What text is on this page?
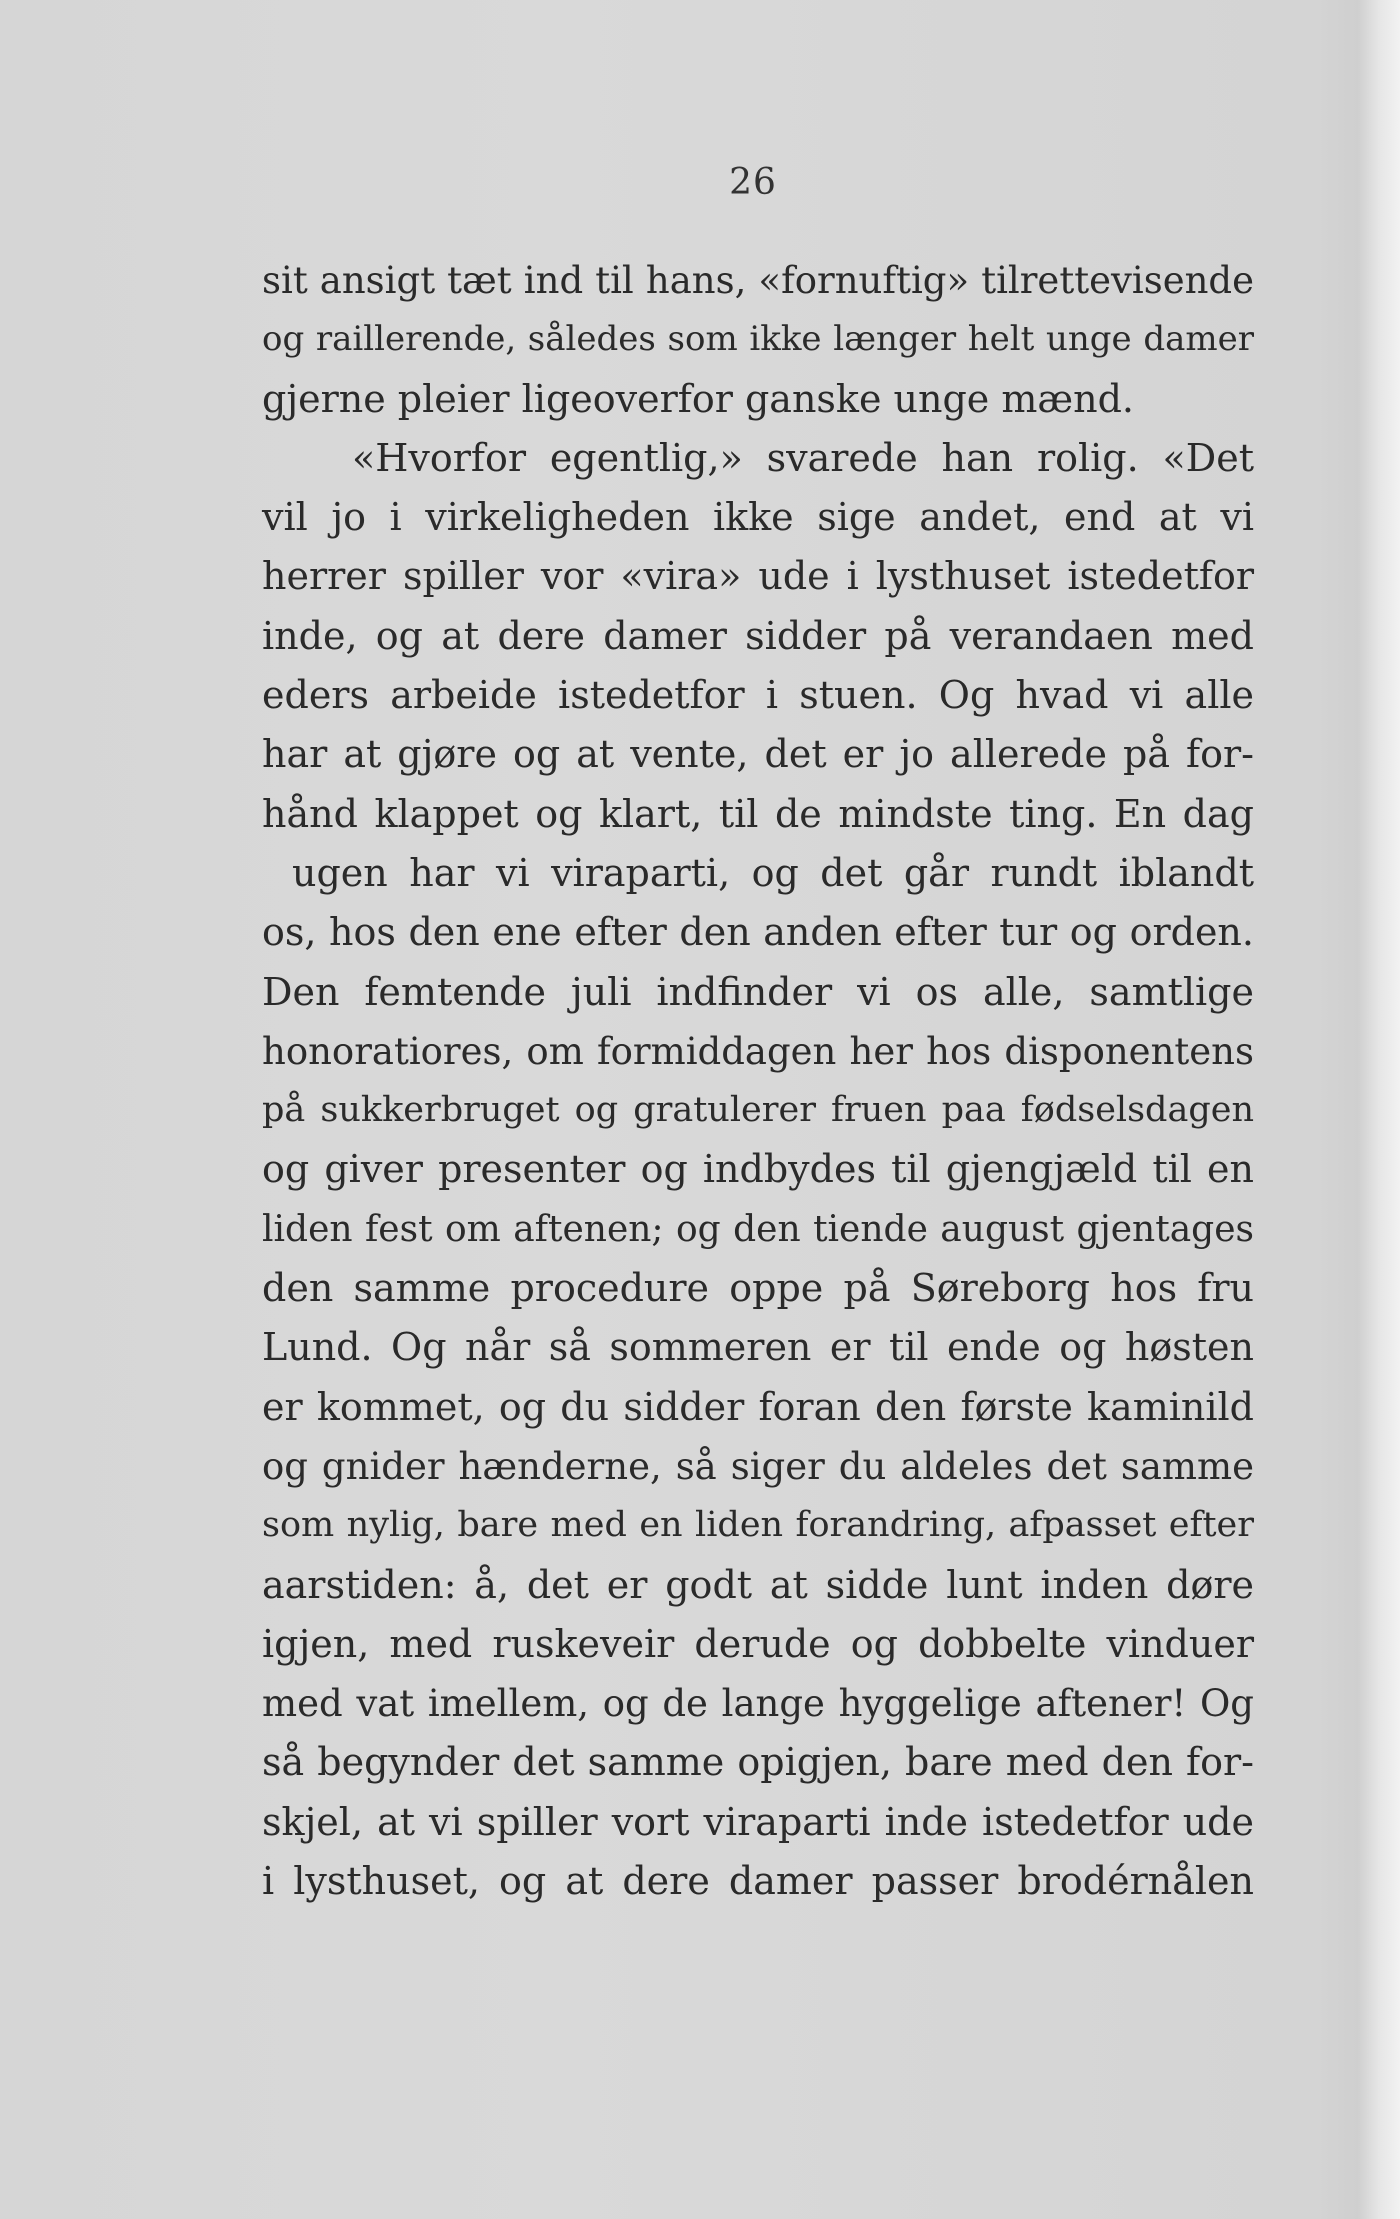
26
sit ansigt tæt ind til hans, «fornuftig» tilrettevisende
og raillerende, således som ikke længer helt unge damer
gjerne pleier ligeoverfor ganske unge mænd.
«Hvorfor egentlig,» svarede han rolig. «Det
vil jo i virkeligheden ikke sige andet, end at vi
herrer spiller vor «vira» ude i lysthuset istedetfor
inde, og at dere damer sidder på verandaen med
eders arbeide istedetfor i stuen. Og hvad vi alle
har at gjøre og at vente, det er jo allerede på for-
hånd klappet og klart, til de mindste ting. En dag
ugen har vi viraparti, og det går rundt iblandt
os, hos den ene efter den anden efter tur og orden.
Den femtende juli indfinder vi os alle, samtlige
honoratiores, om formiddagen her hos disponentens
på sukkerbruget og gratulerer fruen paa fødselsdagen
og giver presenter og indbydes til gjengjæld til en
liden fest om aftenen; og den tiende august gjentages
den samme procedure oppe på Søreborg hos fru
Lund. Og når så sommeren er til ende og høsten
er kommet, og du sidder foran den første kaminild
og gnider hænderne, så siger du aldeles det samme
som nylig, bare med en liden forandring, afpasset efter
aarstiden: å, det er godt at sidde lunt inden døre
igjen, med ruskeveir derude og dobbelte vinduer
med vat imellem, og de lange hyggelige aftener! Og
så begynder det samme opigjen, bare med den for-
skjel, at vi spiller vort viraparti inde istedetfor ude
i lysthuset, og at dere damer passer brodérnålen
